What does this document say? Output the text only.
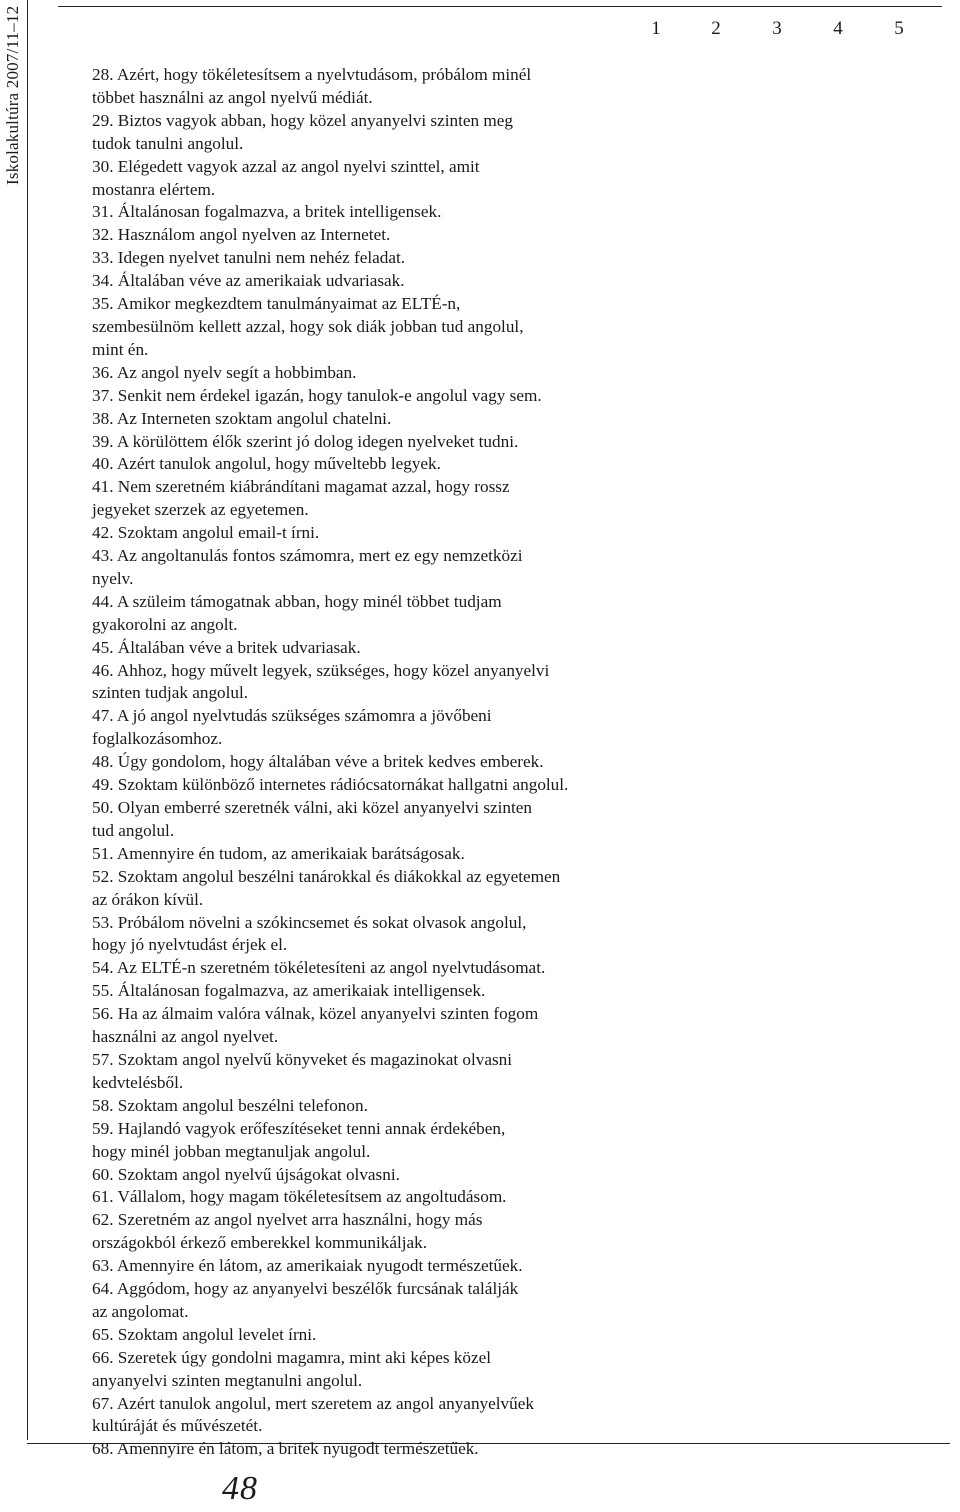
Iskolakultúra 2007/11–12	1	2	3	4	5
28. Azért, hogy tökéletesítsem a nyelvtudásom, próbálom minél
többet használni az angol nyelvű médiát.
29. Biztos vagyok abban, hogy közel anyanyelvi szinten meg
tudok tanulni angolul.
30. Elégedett vagyok azzal az angol nyelvi szinttel, amit
mostanra elértem.
31. Általánosan fogalmazva, a britek intelligensek.
32. Használom angol nyelven az Internetet.
33. Idegen nyelvet tanulni nem nehéz feladat.
34. Általában véve az amerikaiak udvariasak.
35. Amikor megkezdtem tanulmányaimat az ELTÉ-n,
szembesülnöm kellett azzal, hogy sok diák jobban tud angolul,
mint én.
36. Az angol nyelv segít a hobbimban.
37. Senkit nem érdekel igazán, hogy tanulok-e angolul vagy sem.
38. Az Interneten szoktam angolul chatelni.
39. A körülöttem élők szerint jó dolog idegen nyelveket tudni.
40. Azért tanulok angolul, hogy műveltebb legyek.
41. Nem szeretném kiábrándítani magamat azzal, hogy rossz
jegyeket szerzek az egyetemen.
42. Szoktam angolul email-t írni.
43. Az angoltanulás fontos számomra, mert ez egy nemzetközi
nyelv.
44. A szüleim támogatnak abban, hogy minél többet tudjam
gyakorolni az angolt.
45. Általában véve a britek udvariasak.
46. Ahhoz, hogy művelt legyek, szükséges, hogy közel anyanyelvi
szinten tudjak angolul.
47. A jó angol nyelvtudás szükséges számomra a jövőbeni
foglalkozásomhoz.
48. Úgy gondolom, hogy általában véve a britek kedves emberek.
49. Szoktam különböző internetes rádiócsatornákat hallgatni angolul.
50. Olyan emberré szeretnék válni, aki közel anyanyelvi szinten
tud angolul.
51. Amennyire én tudom, az amerikaiak barátságosak.
52. Szoktam angolul beszélni tanárokkal és diákokkal az egyetemen
az órákon kívül.
53. Próbálom növelni a szókincsemet és sokat olvasok angolul,
hogy jó nyelvtudást érjek el.
54. Az ELTÉ-n szeretném tökéletesíteni az angol nyelvtudásomat.
55. Általánosan fogalmazva, az amerikaiak intelligensek.
56. Ha az álmaim valóra válnak, közel anyanyelvi szinten fogom
használni az angol nyelvet.
57. Szoktam angol nyelvű könyveket és magazinokat olvasni
kedvtelésből.
58. Szoktam angolul beszélni telefonon.
59. Hajlandó vagyok erőfeszítéseket tenni annak érdekében,
hogy minél jobban megtanuljak angolul.
60. Szoktam angol nyelvű újságokat olvasni.
61. Vállalom, hogy magam tökéletesítsem az angoltudásom.
62. Szeretném az angol nyelvet arra használni, hogy más
országokból érkező emberekkel kommunikáljak.
63. Amennyire én látom, az amerikaiak nyugodt természetűek.
64. Aggódom, hogy az anyanyelvi beszélők furcsának találják
az angolomat.
65. Szoktam angolul levelet írni.
66. Szeretek úgy gondolni magamra, mint aki képes közel
anyanyelvi szinten megtanulni angolul.
67. Azért tanulok angolul, mert szeretem az angol anyanyelvűek
kultúráját és művészetét.
68. Amennyire én látom, a britek nyugodt természetűek.
48
